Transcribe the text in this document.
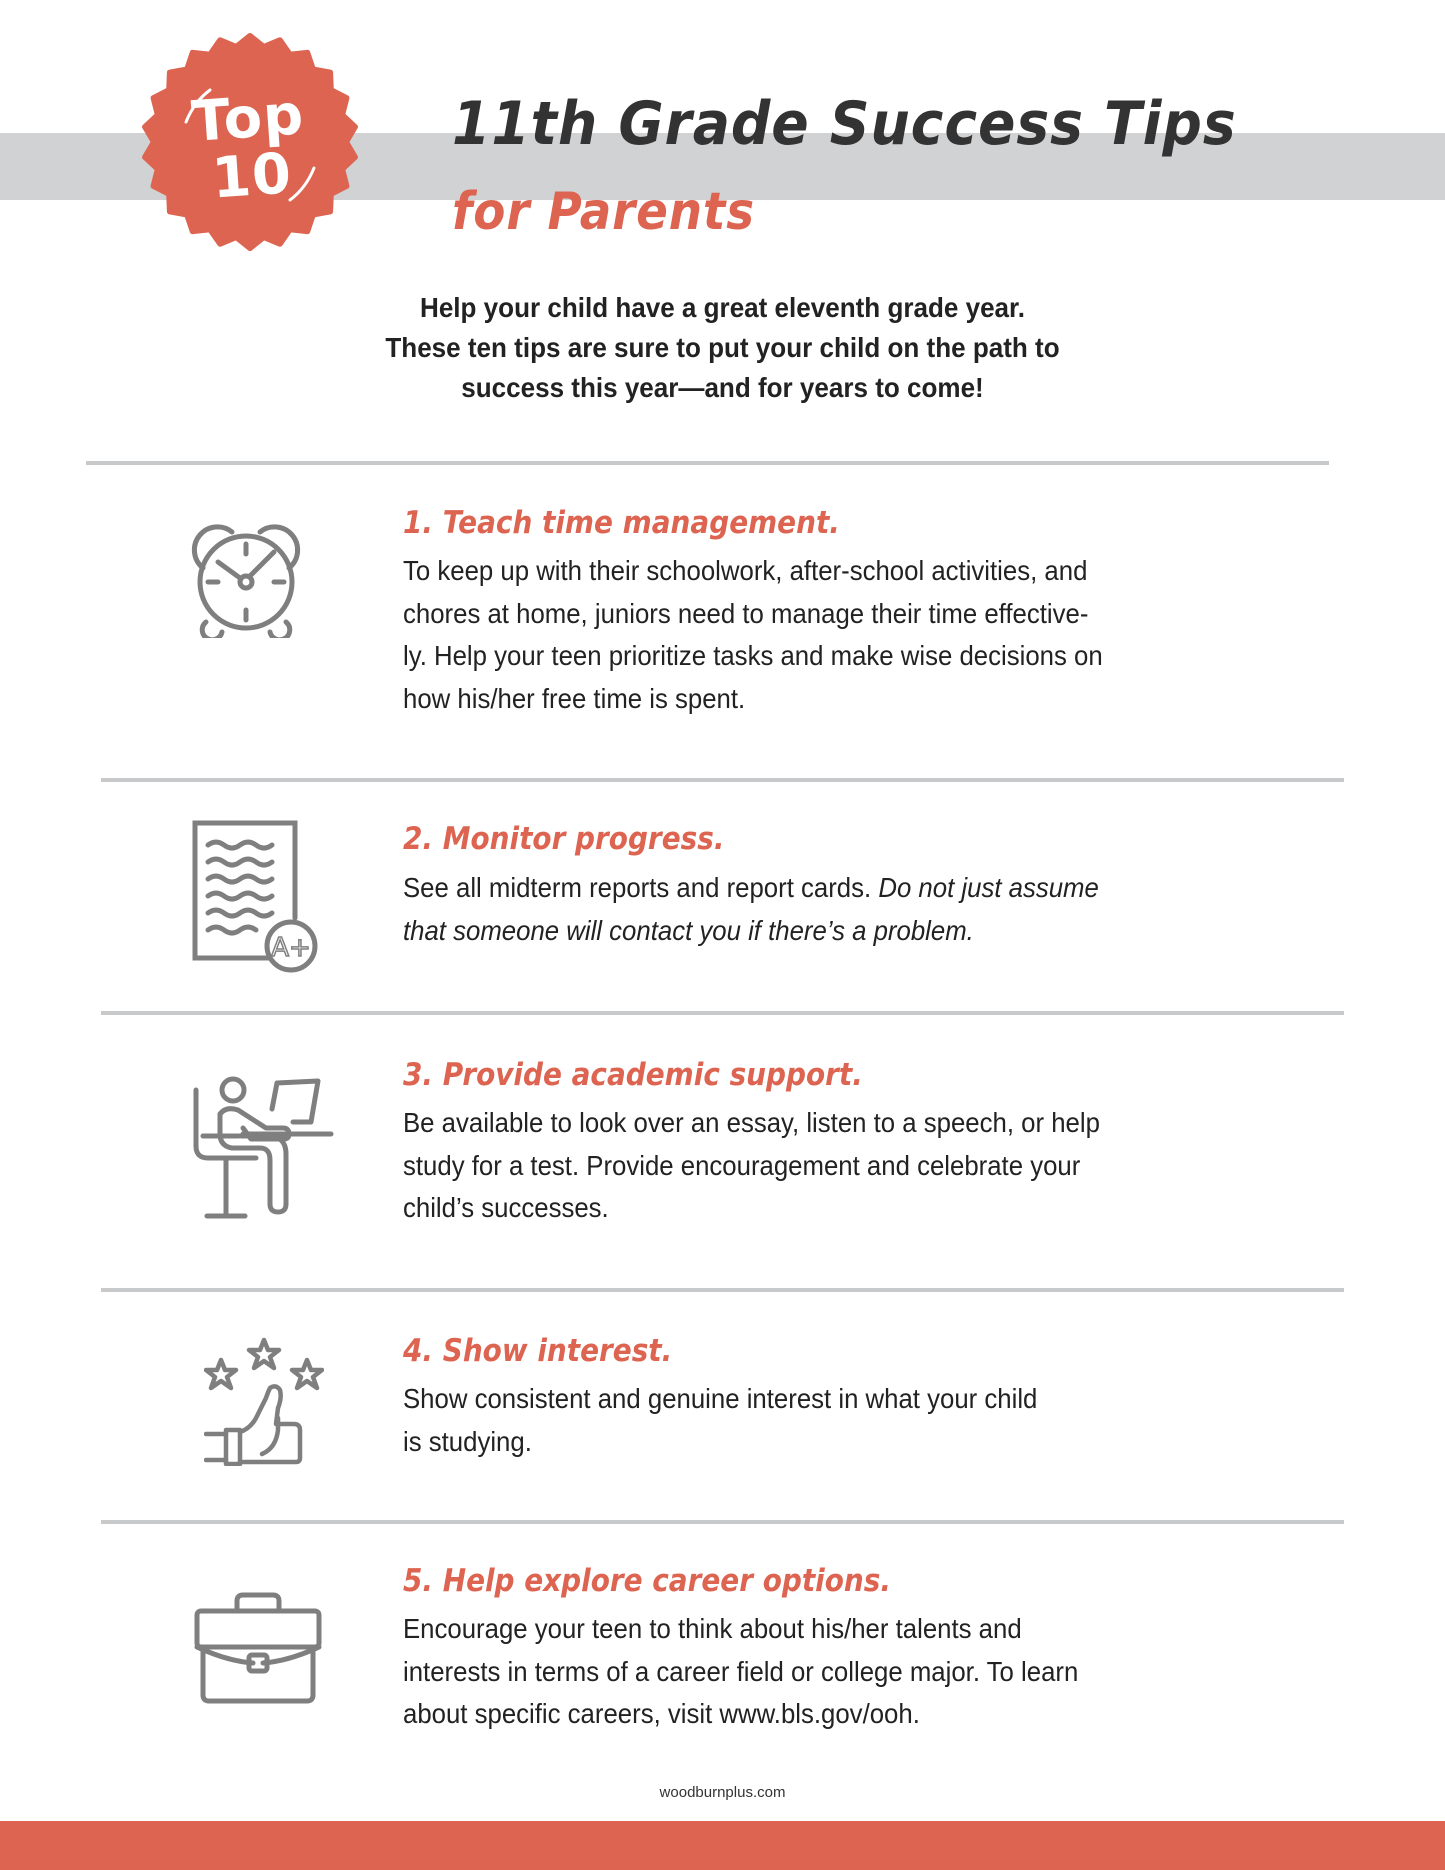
Top
10
11th Grade Success Tips
for Parents
Help your child have a great eleventh grade year.
These ten tips are sure to put your child on the path to
success this year—and for years to come!
1. Teach time management.
To keep up with their schoolwork, after-school activities, and
chores at home, juniors need to manage their time effective-
ly. Help your teen prioritize tasks and make wise decisions on
how his/her free time is spent.
A+
2. Monitor progress.
See all midterm reports and report cards. Do not just assume
that someone will contact you if there’s a problem.
3. Provide academic support.
Be available to look over an essay, listen to a speech, or help
study for a test. Provide encouragement and celebrate your
child’s successes.
4. Show interest.
Show consistent and genuine interest in what your child
is studying.
5. Help explore career options.
Encourage your teen to think about his/her talents and
interests in terms of a career field or college major. To learn
about specific careers, visit www.bls.gov/ooh.
woodburnplus.com
